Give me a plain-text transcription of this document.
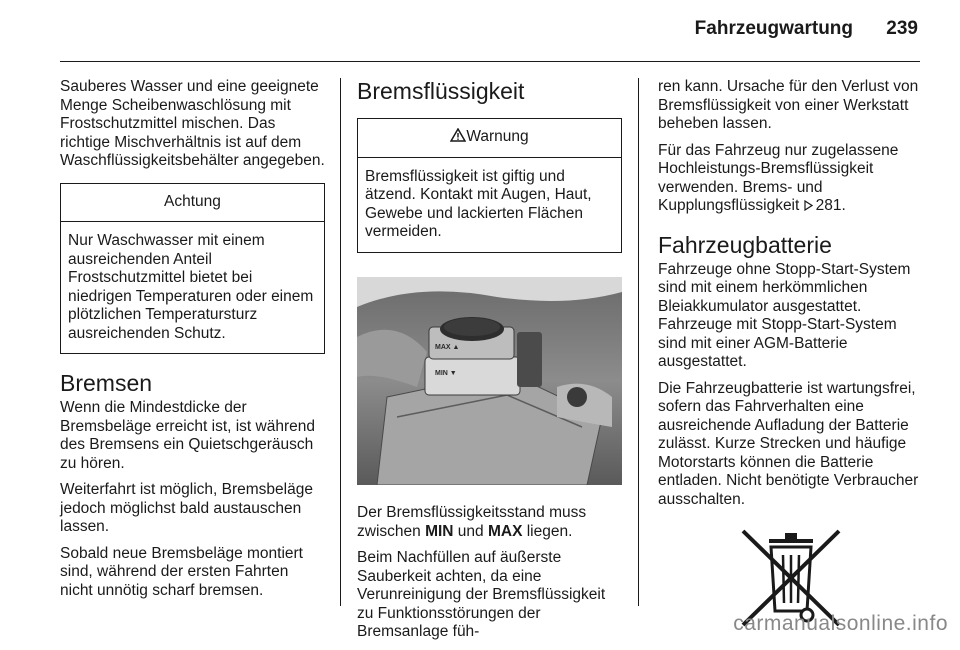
Fahrzeugwartung 239

Sauberes Wasser und eine geeignete Menge Scheibenwaschlösung mit Frostschutzmittel mischen. Das richtige Mischverhältnis ist auf dem Waschflüssigkeitsbehälter angegeben.

Achtung
Nur Waschwasser mit einem ausreichenden Anteil Frostschutzmittel bietet bei niedrigen Temperaturen oder einem plötzlichen Temperatursturz ausreichenden Schutz.
Bremsen

Wenn die Mindestdicke der Bremsbeläge erreicht ist, ist während des Bremsens ein Quietschgeräusch zu hören.

Weiterfahrt ist möglich, Bremsbeläge jedoch möglichst bald austauschen lassen.

Sobald neue Bremsbeläge montiert sind, während der ersten Fahrten nicht unnötig scharf bremsen.

Bremsflüssigkeit
Warnung
Bremsflüssigkeit ist giftig und ätzend. Kontakt mit Augen, Haut, Gewebe und lackierten Flächen vermeiden.
MAX ▲
MIN ▼

Der Bremsflüssigkeitsstand muss zwischen MIN und MAX liegen.

Beim Nachfüllen auf äußerste Sauberkeit achten, da eine Verunreinigung der Bremsflüssigkeit zu Funktionsstörungen der Bremsanlage füh-

ren kann. Ursache für den Verlust von Bremsflüssigkeit von einer Werkstatt beheben lassen.

Für das Fahrzeug nur zugelassene Hochleistungs-Bremsflüssigkeit verwenden. Brems- und Kupplungsflüssigkeit 281.

Fahrzeugbatterie

Fahrzeuge ohne Stopp-Start-System sind mit einem herkömmlichen Bleiakkumulator ausgestattet. Fahrzeuge mit Stopp-Start-System sind mit einer AGM-Batterie ausgestattet.

Die Fahrzeugbatterie ist wartungsfrei, sofern das Fahrverhalten eine ausreichende Aufladung der Batterie zulässt. Kurze Strecken und häufige Motorstarts können die Batterie entladen. Nicht benötigte Verbraucher ausschalten.

carmanualsonline.info
